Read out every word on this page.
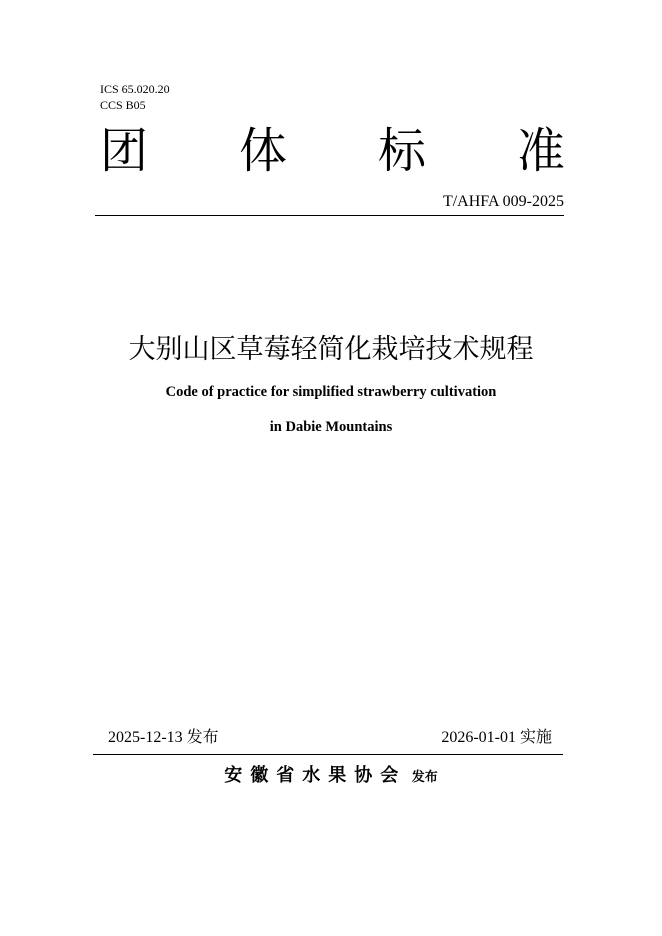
ICS 65.020.20
CCS B05
团 体 标 准
T/AHFA 009-2025
大别山区草莓轻简化栽培技术规程
Code of practice for simplified strawberry cultivation
in Dabie Mountains
2025-12-13 发布	2026-01-01 实施
安徽省水果协会 发布
